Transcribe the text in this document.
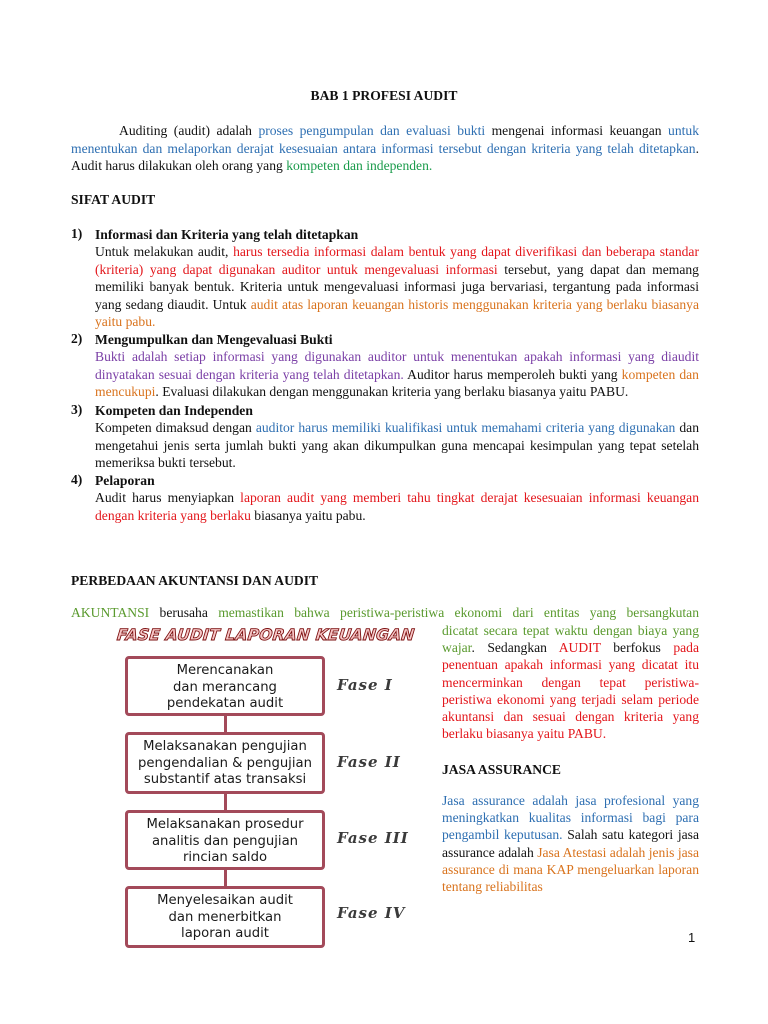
BAB 1 PROFESI AUDIT

Auditing (audit) adalah proses pengumpulan dan evaluasi bukti mengenai informasi keuangan untuk menentukan dan melaporkan derajat kesesuaian antara informasi tersebut dengan kriteria yang telah ditetapkan. Audit harus dilakukan oleh orang yang kompeten dan independen.

SIFAT AUDIT
1) Informasi dan Kriteria yang telah ditetapkan

Untuk melakukan audit, harus tersedia informasi dalam bentuk yang dapat diverifikasi dan beberapa standar (kriteria) yang dapat digunakan auditor untuk mengevaluasi informasi tersebut, yang dapat dan memang memiliki banyak bentuk. Kriteria untuk mengevaluasi informasi juga bervariasi, tergantung pada informasi yang sedang diaudit. Untuk audit atas laporan keuangan historis menggunakan kriteria yang berlaku biasanya yaitu pabu.

2) Mengumpulkan dan Mengevaluasi Bukti

Bukti adalah setiap informasi yang digunakan auditor untuk menentukan apakah informasi yang diaudit dinyatakan sesuai dengan kriteria yang telah ditetapkan. Auditor harus memperoleh bukti yang kompeten dan mencukupi. Evaluasi dilakukan dengan menggunakan kriteria yang berlaku biasanya yaitu PABU.

3) Kompeten dan Independen

Kompeten dimaksud dengan auditor harus memiliki kualifikasi untuk memahami criteria yang digunakan dan mengetahui jenis serta jumlah bukti yang akan dikumpulkan guna mencapai kesimpulan yang tepat setelah memeriksa bukti tersebut.

4) Pelaporan

Audit harus menyiapkan laporan audit yang memberi tahu tingkat derajat kesesuaian informasi keuangan dengan kriteria yang berlaku biasanya yaitu pabu.

PERBEDAAN AKUNTANSI DAN AUDIT

AKUNTANSI berusaha memastikan bahwa peristiwa-peristiwa ekonomi dari entitas yang bersangkutan

dicatat secara tepat waktu dengan biaya yang wajar. Sedangkan AUDIT berfokus pada penentuan apakah informasi yang dicatat itu mencerminkan dengan tepat peristiwa-peristiwa ekonomi yang terjadi selam periode akuntansi dan sesuai dengan kriteria yang berlaku biasanya yaitu PABU.

JASA ASSURANCE

Jasa assurance adalah jasa profesional yang meningkatkan kualitas informasi bagi para pengambil keputusan. Salah satu kategori jasa assurance adalah Jasa Atestasi adalah jenis jasa assurance di mana KAP mengeluarkan laporan tentang reliabilitas

FASE AUDIT LAPORAN KEUANGAN
Merencanakan
dan merancang
pendekatan audit
Fase I
Melaksanakan pengujian
pengendalian & pengujian
substantif atas transaksi
Fase II
Melaksanakan prosedur
analitis dan pengujian
rincian saldo
Fase III
Menyelesaikan audit
dan menerbitkan
laporan audit
Fase IV
1
